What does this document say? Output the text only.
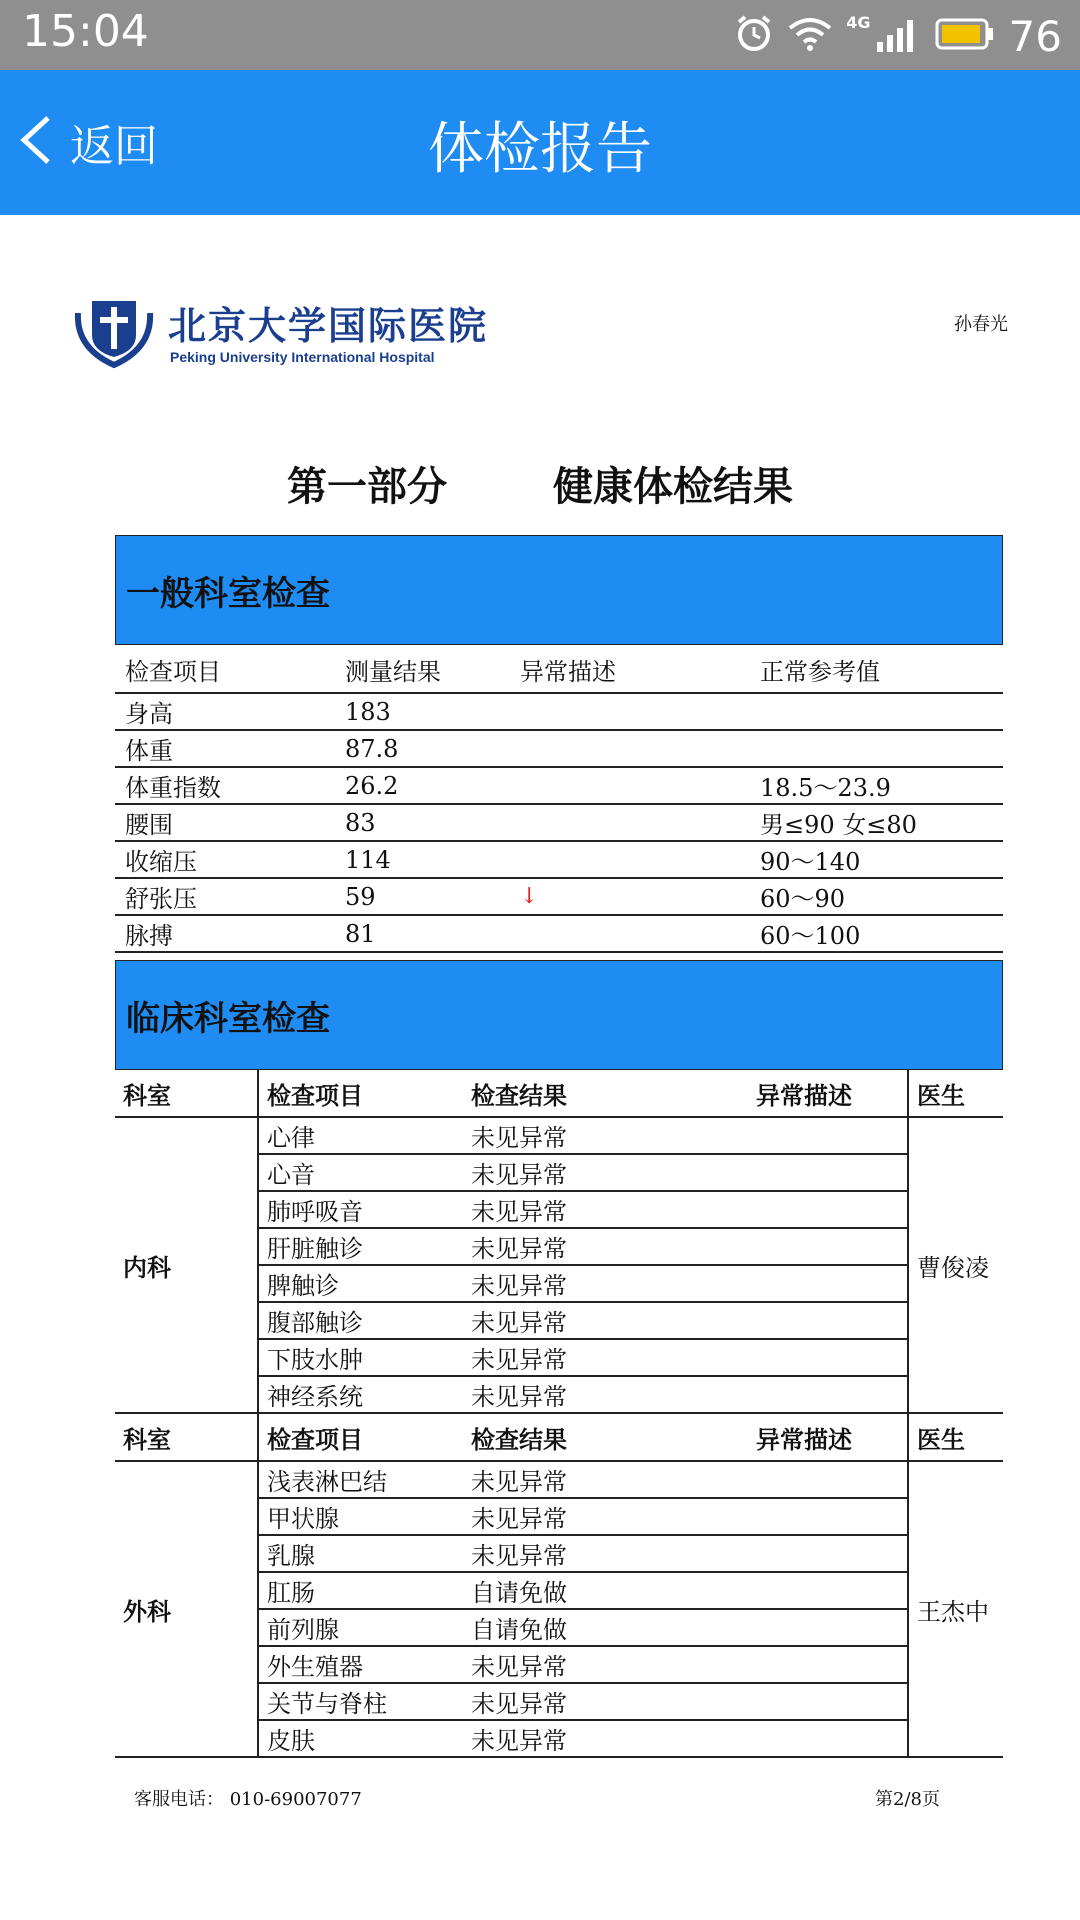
15:04	4G	76
返回	体检报告
北京大学国际医院
Peking University International Hospital
孙春光
第一部分	健康体检结果
一般科室检查
检查项目	测量结果	异常描述	正常参考值
身高	183		
体重	87.8		
体重指数	26.2		18.5～23.9
腰围	83		男≤90 女≤80
收缩压	114		90～140
舒张压	59	↓	60～90
脉搏	81		60～100
临床科室检查
科室	检查项目	检查结果	异常描述	医生
内科	心律	未见异常		曹俊凌
	心音	未见异常		
	肺呼吸音	未见异常		
	肝脏触诊	未见异常		
	脾触诊	未见异常		
	腹部触诊	未见异常		
	下肢水肿	未见异常		
	神经系统	未见异常		
科室	检查项目	检查结果	异常描述	医生
外科	浅表淋巴结	未见异常		王杰中
	甲状腺	未见异常		
	乳腺	未见异常		
	肛肠	自请免做		
	前列腺	自请免做		
	外生殖器	未见异常		
	关节与脊柱	未见异常		
	皮肤	未见异常		
客服电话： 010-69007077	第2/8页
